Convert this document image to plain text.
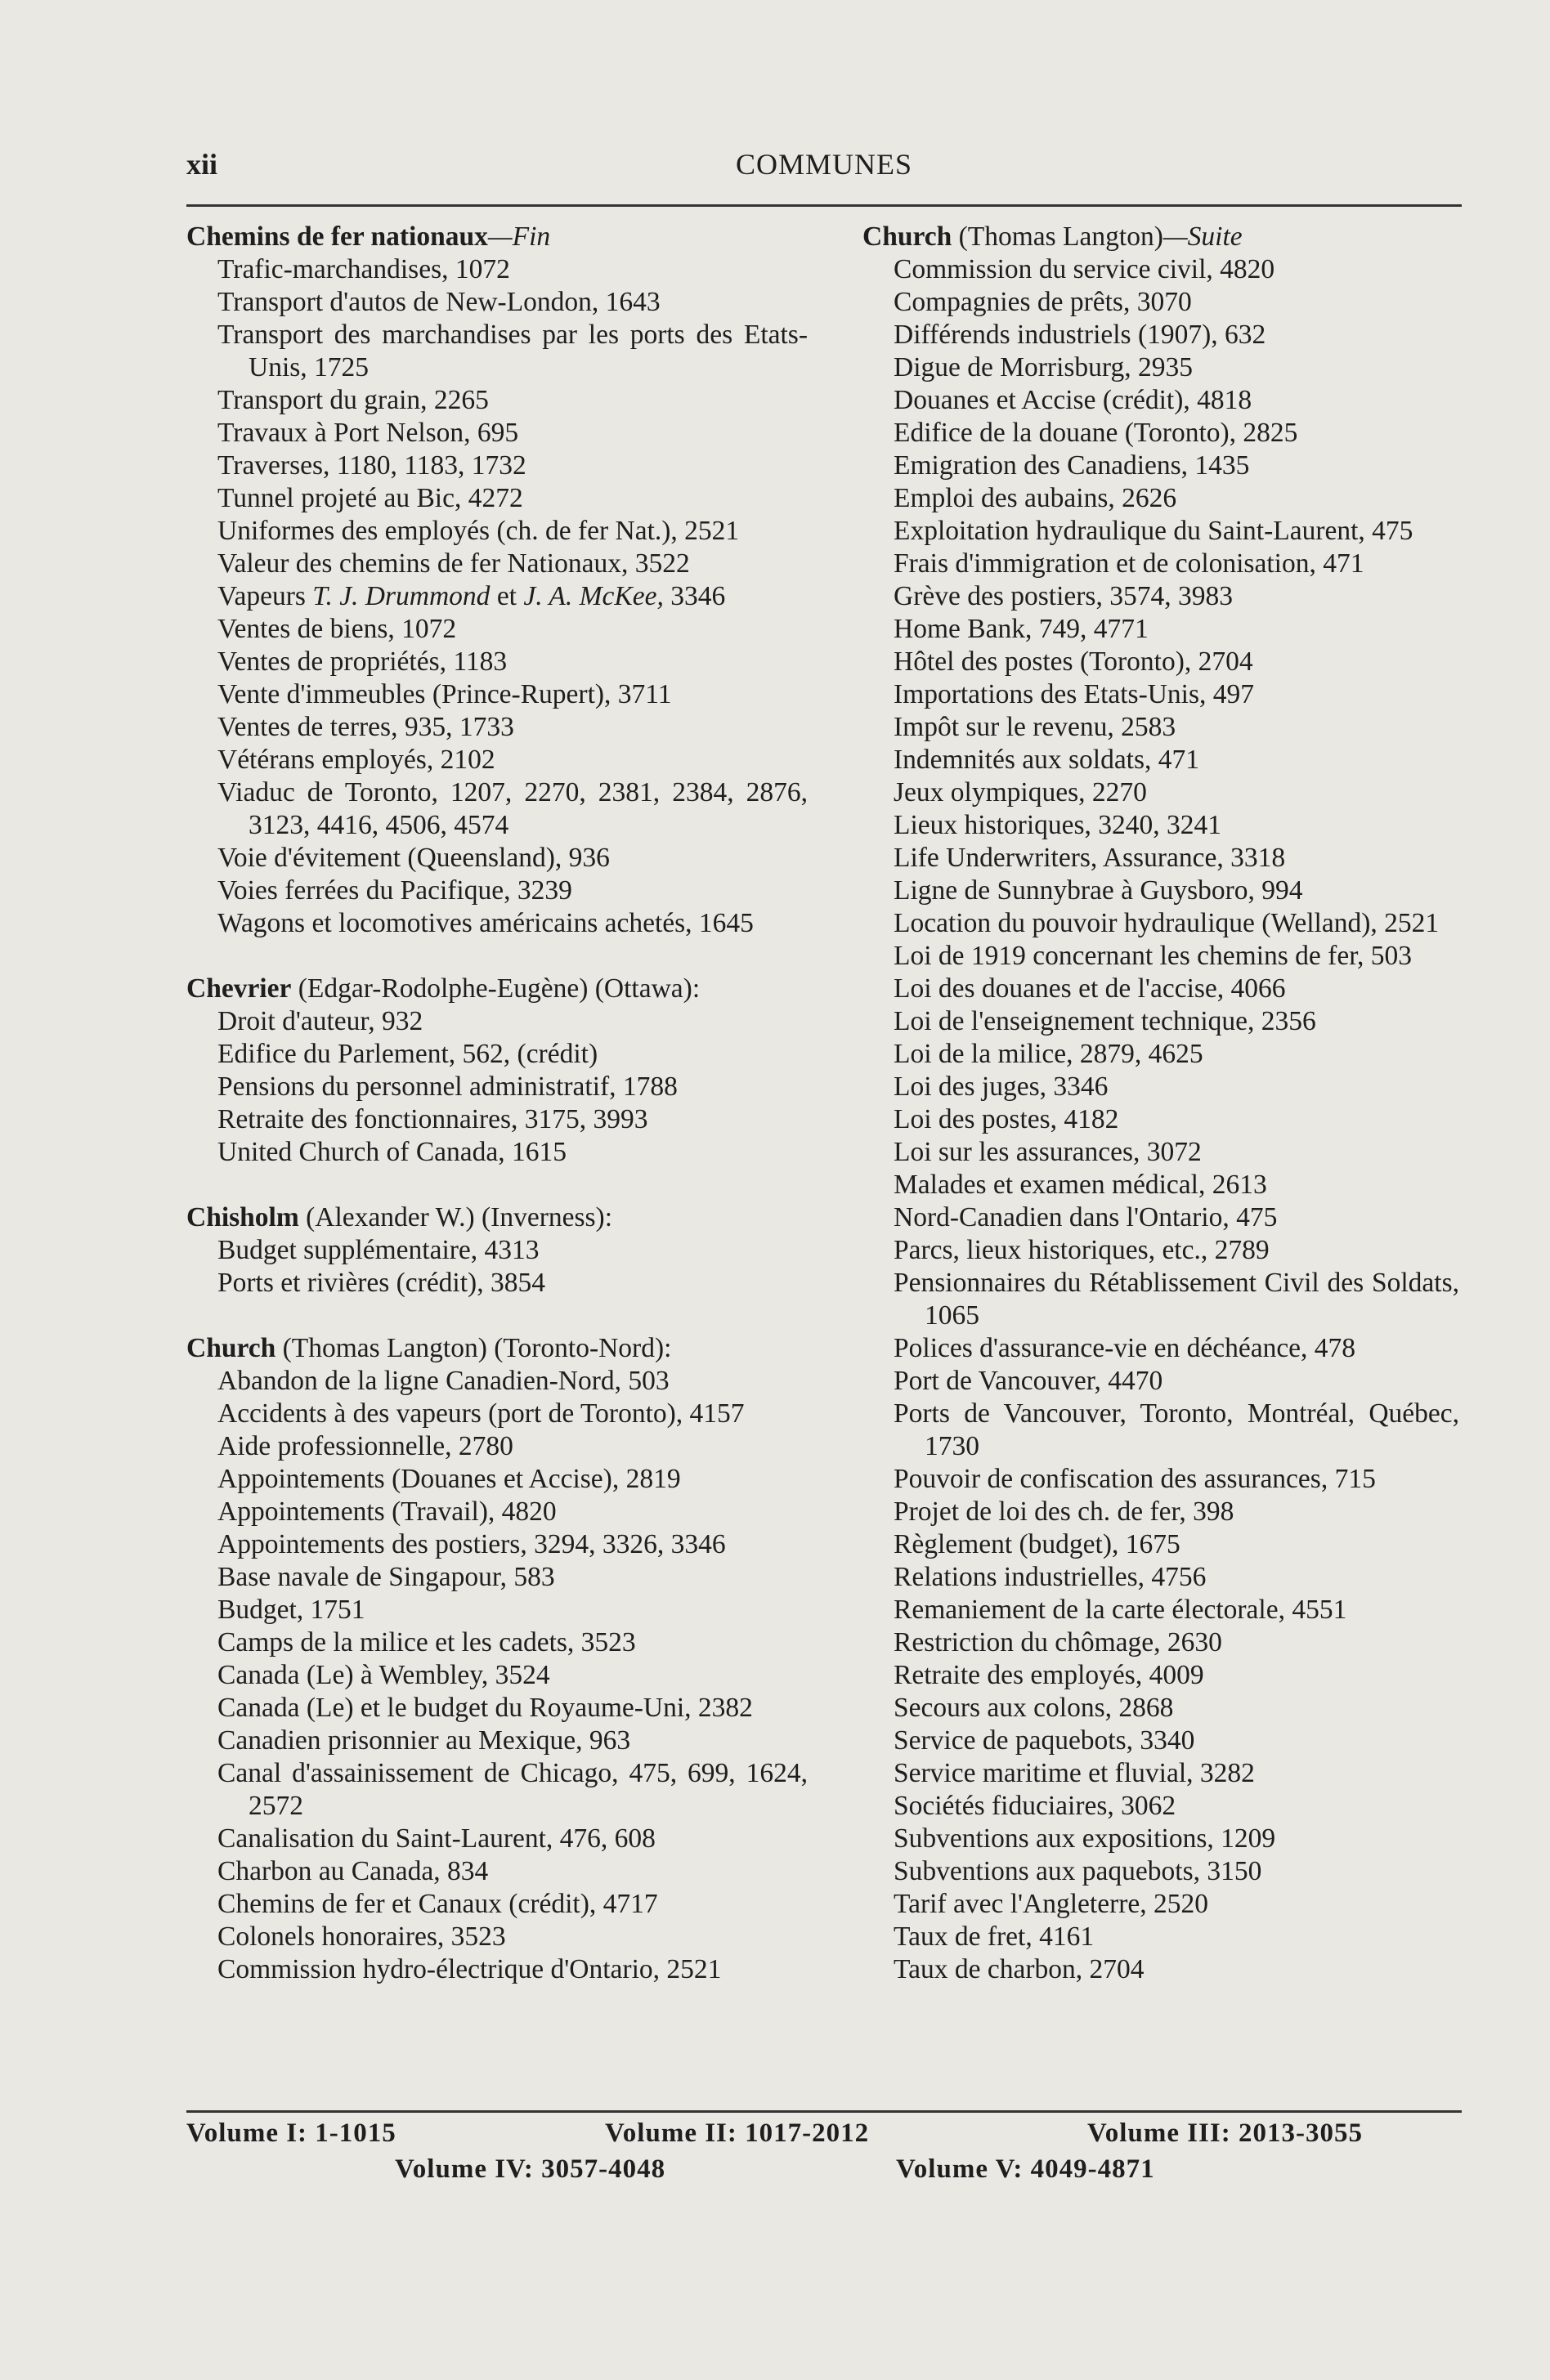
xii	COMMUNES
Chemins de fer nationaux—Fin
Trafic-marchandises, 1072
Transport d'autos de New-London, 1643
Transport des marchandises par les ports des Etats-Unis, 1725
Transport du grain, 2265
Travaux à Port Nelson, 695
Traverses, 1180, 1183, 1732
Tunnel projeté au Bic, 4272
Uniformes des employés (ch. de fer Nat.), 2521
Valeur des chemins de fer Nationaux, 3522
Vapeurs T. J. Drummond et J. A. McKee, 3346
Ventes de biens, 1072
Ventes de propriétés, 1183
Vente d'immeubles (Prince-Rupert), 3711
Ventes de terres, 935, 1733
Vétérans employés, 2102
Viaduc de Toronto, 1207, 2270, 2381, 2384, 2876, 3123, 4416, 4506, 4574
Voie d'évitement (Queensland), 936
Voies ferrées du Pacifique, 3239
Wagons et locomotives américains achetés, 1645
Chevrier (Edgar-Rodolphe-Eugène) (Ottawa):
Droit d'auteur, 932
Edifice du Parlement, 562, (crédit)
Pensions du personnel administratif, 1788
Retraite des fonctionnaires, 3175, 3993
United Church of Canada, 1615
Chisholm (Alexander W.) (Inverness):
Budget supplémentaire, 4313
Ports et rivières (crédit), 3854
Church (Thomas Langton) (Toronto-Nord):
Abandon de la ligne Canadien-Nord, 503
Accidents à des vapeurs (port de Toronto), 4157
Aide professionnelle, 2780
Appointements (Douanes et Accise), 2819
Appointements (Travail), 4820
Appointements des postiers, 3294, 3326, 3346
Base navale de Singapour, 583
Budget, 1751
Camps de la milice et les cadets, 3523
Canada (Le) à Wembley, 3524
Canada (Le) et le budget du Royaume-Uni, 2382
Canadien prisonnier au Mexique, 963
Canal d'assainissement de Chicago, 475, 699, 1624, 2572
Canalisation du Saint-Laurent, 476, 608
Charbon au Canada, 834
Chemins de fer et Canaux (crédit), 4717
Colonels honoraires, 3523
Commission hydro-électrique d'Ontario, 2521
Church (Thomas Langton)—Suite
Commission du service civil, 4820
Compagnies de prêts, 3070
Différends industriels (1907), 632
Digue de Morrisburg, 2935
Douanes et Accise (crédit), 4818
Edifice de la douane (Toronto), 2825
Emigration des Canadiens, 1435
Emploi des aubains, 2626
Exploitation hydraulique du Saint-Laurent, 475
Frais d'immigration et de colonisation, 471
Grève des postiers, 3574, 3983
Home Bank, 749, 4771
Hôtel des postes (Toronto), 2704
Importations des Etats-Unis, 497
Impôt sur le revenu, 2583
Indemnités aux soldats, 471
Jeux olympiques, 2270
Lieux historiques, 3240, 3241
Life Underwriters, Assurance, 3318
Ligne de Sunnybrae à Guysboro, 994
Location du pouvoir hydraulique (Welland), 2521
Loi de 1919 concernant les chemins de fer, 503
Loi des douanes et de l'accise, 4066
Loi de l'enseignement technique, 2356
Loi de la milice, 2879, 4625
Loi des juges, 3346
Loi des postes, 4182
Loi sur les assurances, 3072
Malades et examen médical, 2613
Nord-Canadien dans l'Ontario, 475
Parcs, lieux historiques, etc., 2789
Pensionnaires du Rétablissement Civil des Soldats, 1065
Polices d'assurance-vie en déchéance, 478
Port de Vancouver, 4470
Ports de Vancouver, Toronto, Montréal, Québec, 1730
Pouvoir de confiscation des assurances, 715
Projet de loi des ch. de fer, 398
Règlement (budget), 1675
Relations industrielles, 4756
Remaniement de la carte électorale, 4551
Restriction du chômage, 2630
Retraite des employés, 4009
Secours aux colons, 2868
Service de paquebots, 3340
Service maritime et fluvial, 3282
Sociétés fiduciaires, 3062
Subventions aux expositions, 1209
Subventions aux paquebots, 3150
Tarif avec l'Angleterre, 2520
Taux de fret, 4161
Taux de charbon, 2704
Volume I: 1-1015	Volume II: 1017-2012	Volume III: 2013-3055
Volume IV: 3057-4048	Volume V: 4049-4871
